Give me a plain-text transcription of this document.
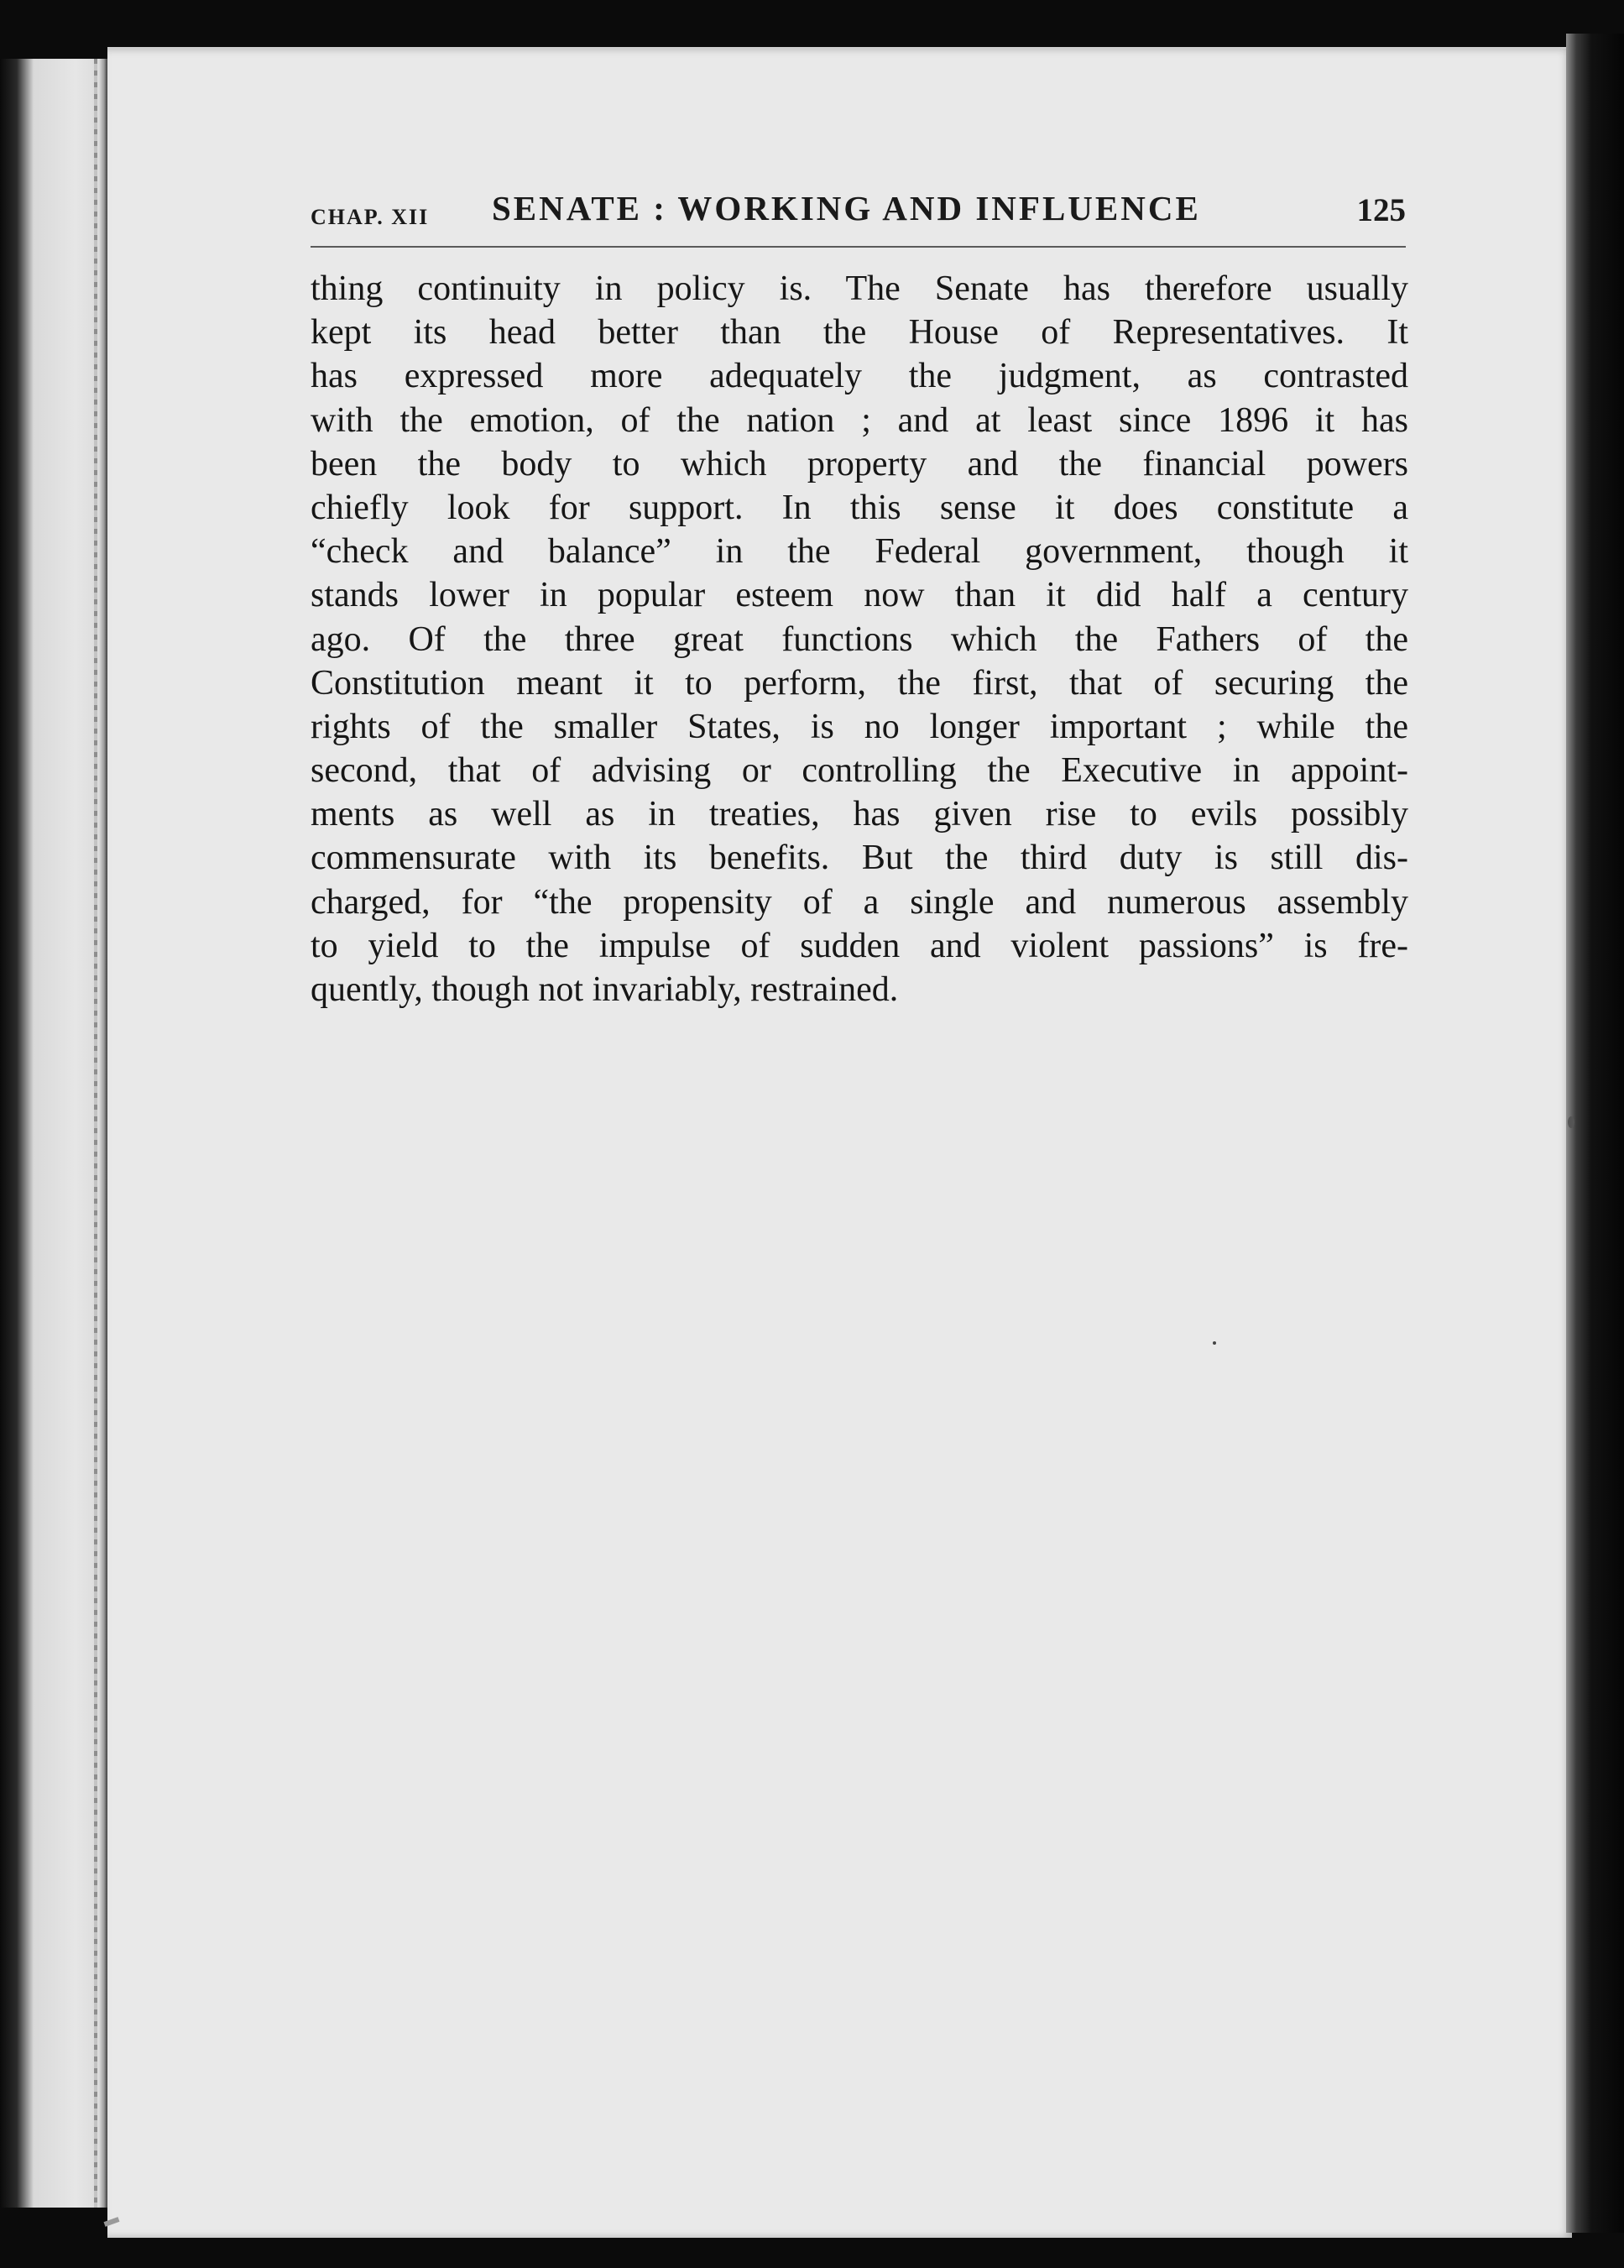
CHAP. XII SENATE : WORKING AND INFLUENCE	125
thing continuity in policy is. The Senate has therefore usually
kept its head better than the House of Representatives. It
has expressed more adequately the judgment, as contrasted
with the emotion, of the nation ; and at least since 1896 it has
been the body to which property and the financial powers
chiefly look for support. In this sense it does constitute a
“check and balance” in the Federal government, though it
stands lower in popular esteem now than it did half a century
ago. Of the three great functions which the Fathers of the
Constitution meant it to perform, the first, that of securing the
rights of the smaller States, is no longer important ; while the
second, that of advising or controlling the Executive in appoint-
ments as well as in treaties, has given rise to evils possibly
commensurate with its benefits. But the third duty is still dis-
charged, for “the propensity of a single and numerous assembly
to yield to the impulse of sudden and violent passions” is fre-
quently, though not invariably, restrained.
